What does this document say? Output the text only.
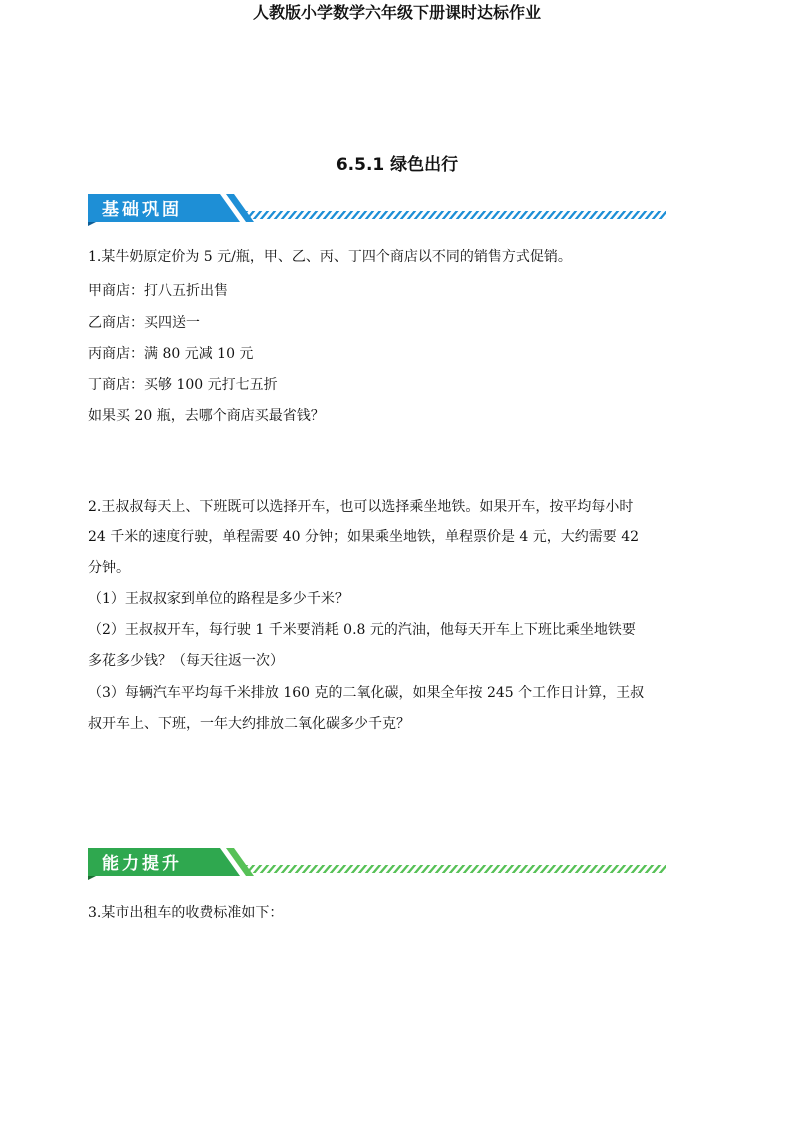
人教版小学数学六年级下册课时达标作业
6.5.1 绿色出行
基础巩固
1.某牛奶原定价为 5 元/瓶，甲、乙、丙、丁四个商店以不同的销售方式促销。
甲商店：打八五折出售
乙商店：买四送一
丙商店：满 80 元减 10 元
丁商店：买够 100 元打七五折
如果买 20 瓶，去哪个商店买最省钱？
2.王叔叔每天上、下班既可以选择开车，也可以选择乘坐地铁。如果开车，按平均每小时
24 千米的速度行驶，单程需要 40 分钟；如果乘坐地铁，单程票价是 4 元，大约需要 42
分钟。
（1）王叔叔家到单位的路程是多少千米？
（2）王叔叔开车，每行驶 1 千米要消耗 0.8 元的汽油，他每天开车上下班比乘坐地铁要
多花多少钱？（每天往返一次）
（3）每辆汽车平均每千米排放 160 克的二氧化碳，如果全年按 245 个工作日计算，王叔
叔开车上、下班，一年大约排放二氧化碳多少千克？
能力提升
3.某市出租车的收费标准如下：
